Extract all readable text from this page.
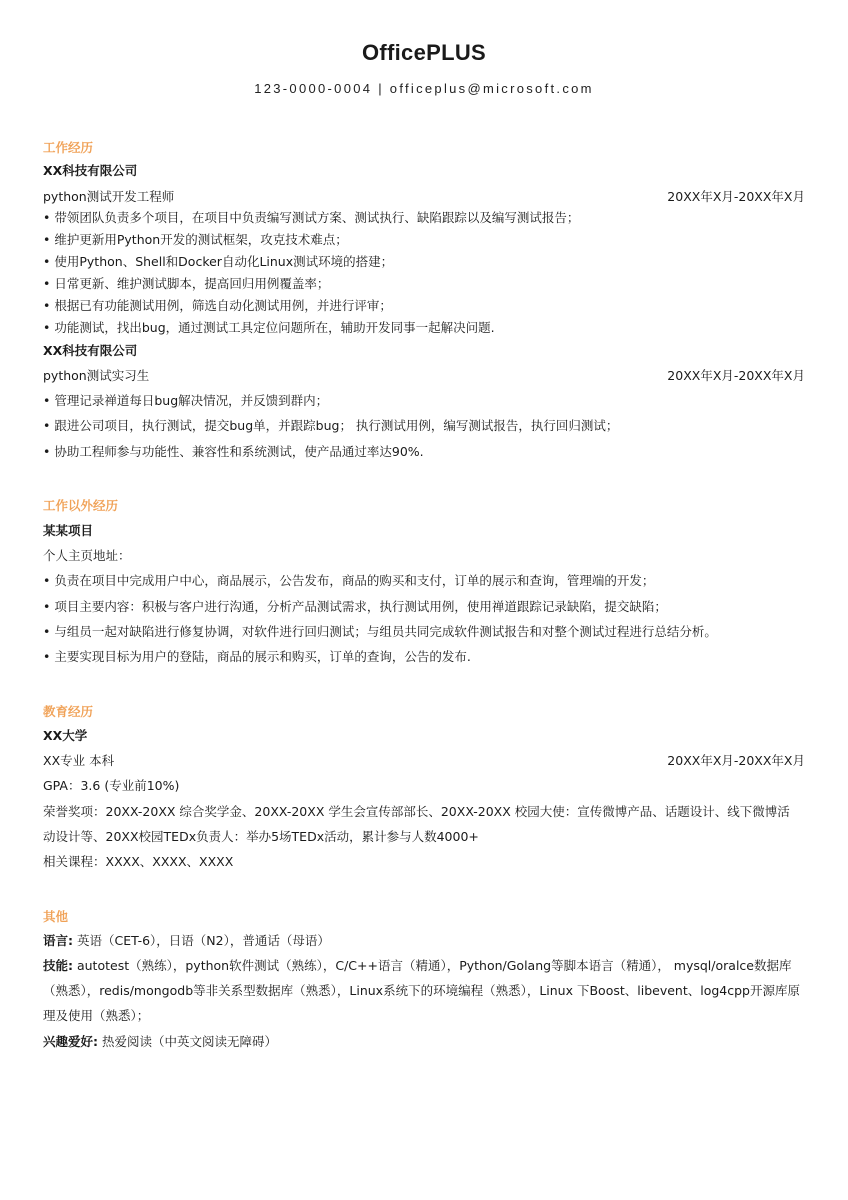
OfficePLUS
123-0000-0004 | officeplus@microsoft.com
工作经历
XX科技有限公司
python测试开发工程师	20XX年X月-20XX年X月
• 带领团队负责多个项目，在项目中负责编写测试方案、测试执行、缺陷跟踪以及编写测试报告；
• 维护更新用Python开发的测试框架，攻克技术难点；
• 使用Python、Shell和Docker自动化Linux测试环境的搭建；
• 日常更新、维护测试脚本，提高回归用例覆盖率；
• 根据已有功能测试用例，筛选自动化测试用例，并进行评审；
• 功能测试，找出bug，通过测试工具定位问题所在，辅助开发同事一起解决问题.
XX科技有限公司
python测试实习生	20XX年X月-20XX年X月
• 管理记录禅道每日bug解决情况，并反馈到群内；
• 跟进公司项目，执行测试，提交bug单，并跟踪bug； 执行测试用例，编写测试报告，执行回归测试；
• 协助工程师参与功能性、兼容性和系统测试，使产品通过率达90%.
工作以外经历
某某项目
个人主页地址：
• 负责在项目中完成用户中心，商品展示，公告发布，商品的购买和支付，订单的展示和查询，管理端的开发；
• 项目主要内容：积极与客户进行沟通，分析产品测试需求，执行测试用例，使用禅道跟踪记录缺陷，提交缺陷；
• 与组员一起对缺陷进行修复协调，对软件进行回归测试；与组员共同完成软件测试报告和对整个测试过程进行总结分析。
• 主要实现目标为用户的登陆，商品的展示和购买，订单的查询，公告的发布.
教育经历
XX大学
XX专业 本科	20XX年X月-20XX年X月
GPA：3.6 (专业前10%)
荣誉奖项：20XX-20XX 综合奖学金、20XX-20XX 学生会宣传部部长、20XX-20XX 校园大使：宣传微博产品、话题设计、线下微博活
动设计等、20XX校园TEDx负责人：举办5场TEDx活动，累计参与人数4000+
相关课程：XXXX、XXXX、XXXX
其他
语言: 英语（CET-6），日语（N2），普通话（母语）
技能: autotest（熟练），python软件测试（熟练），C/C++语言（精通），Python/Golang等脚本语言（精通）， mysql/oralce数据库（熟悉），redis/mongodb等非关系型数据库（熟悉），Linux系统下的环境编程（熟悉），Linux 下Boost、libevent、log4cpp开源库原理及使用（熟悉）；
兴趣爱好: 热爱阅读（中英文阅读无障碍）
